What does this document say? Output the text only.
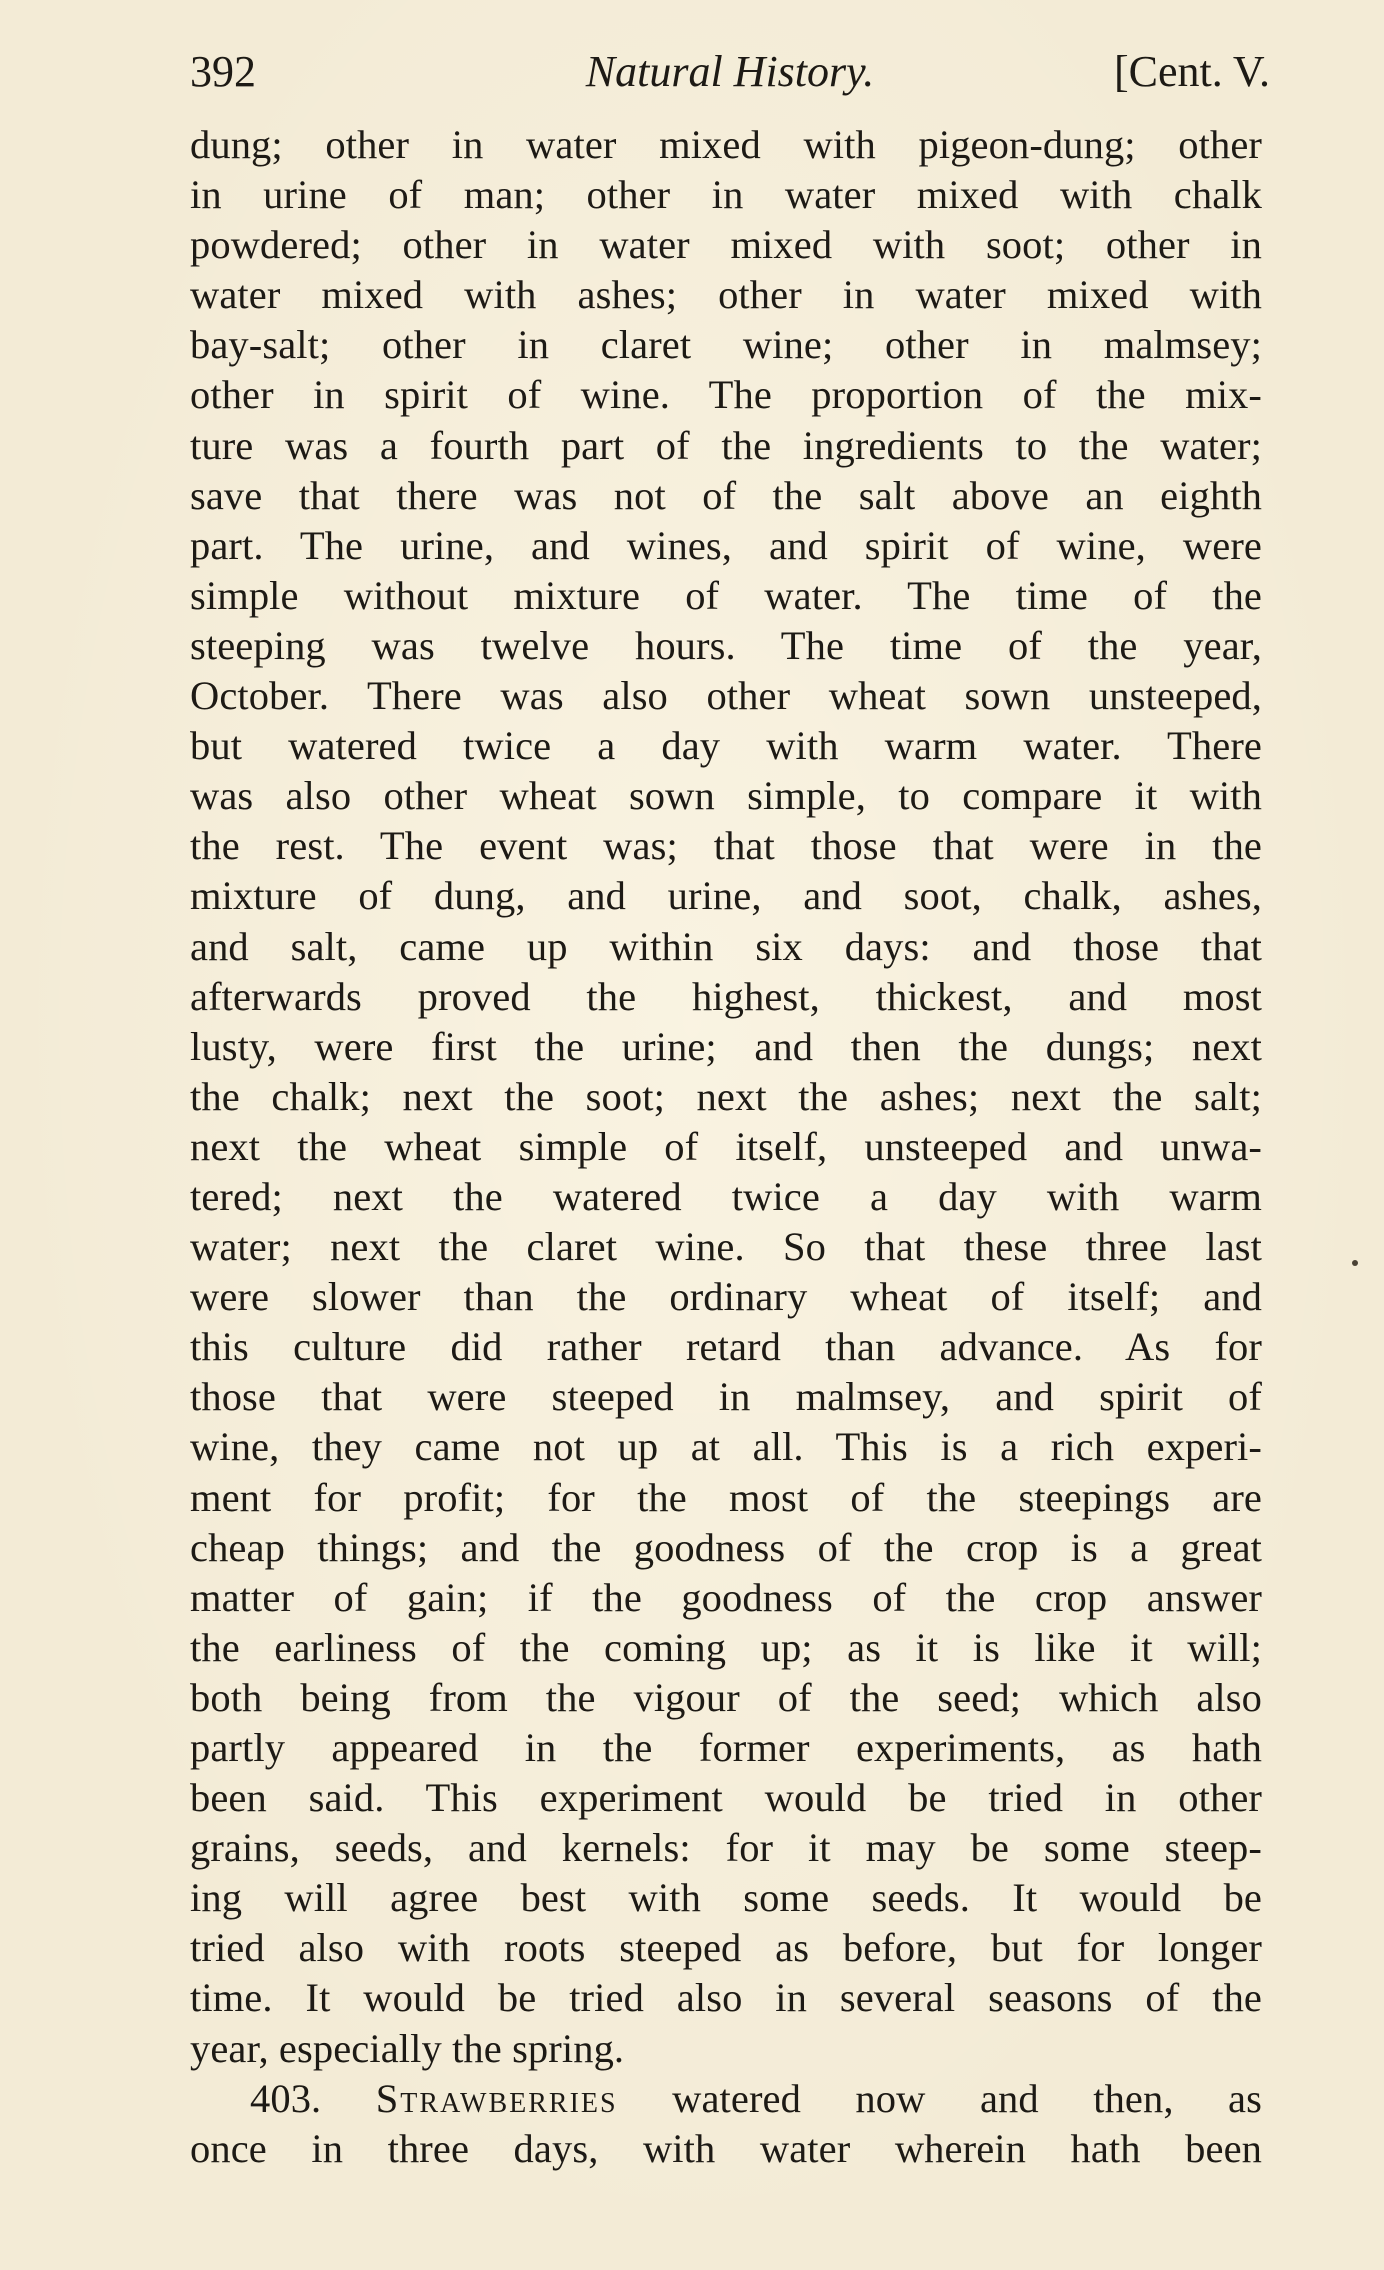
392	Natural History.	[Cent. V.
dung; other in water mixed with pigeon-dung; other
in urine of man; other in water mixed with chalk
powdered; other in water mixed with soot; other in
water mixed with ashes; other in water mixed with
bay-salt; other in claret wine; other in malmsey;
other in spirit of wine. The proportion of the mix-
ture was a fourth part of the ingredients to the water;
save that there was not of the salt above an eighth
part. The urine, and wines, and spirit of wine, were
simple without mixture of water. The time of the
steeping was twelve hours. The time of the year,
October. There was also other wheat sown unsteeped,
but watered twice a day with warm water. There
was also other wheat sown simple, to compare it with
the rest. The event was; that those that were in the
mixture of dung, and urine, and soot, chalk, ashes,
and salt, came up within six days: and those that
afterwards proved the highest, thickest, and most
lusty, were first the urine; and then the dungs; next
the chalk; next the soot; next the ashes; next the salt;
next the wheat simple of itself, unsteeped and unwa-
tered; next the watered twice a day with warm
water; next the claret wine. So that these three last
were slower than the ordinary wheat of itself; and
this culture did rather retard than advance. As for
those that were steeped in malmsey, and spirit of
wine, they came not up at all. This is a rich experi-
ment for profit; for the most of the steepings are
cheap things; and the goodness of the crop is a great
matter of gain; if the goodness of the crop answer
the earliness of the coming up; as it is like it will;
both being from the vigour of the seed; which also
partly appeared in the former experiments, as hath
been said. This experiment would be tried in other
grains, seeds, and kernels: for it may be some steep-
ing will agree best with some seeds. It would be
tried also with roots steeped as before, but for longer
time. It would be tried also in several seasons of the
year, especially the spring.
403. Strawberries watered now and then, as
once in three days, with water wherein hath been
